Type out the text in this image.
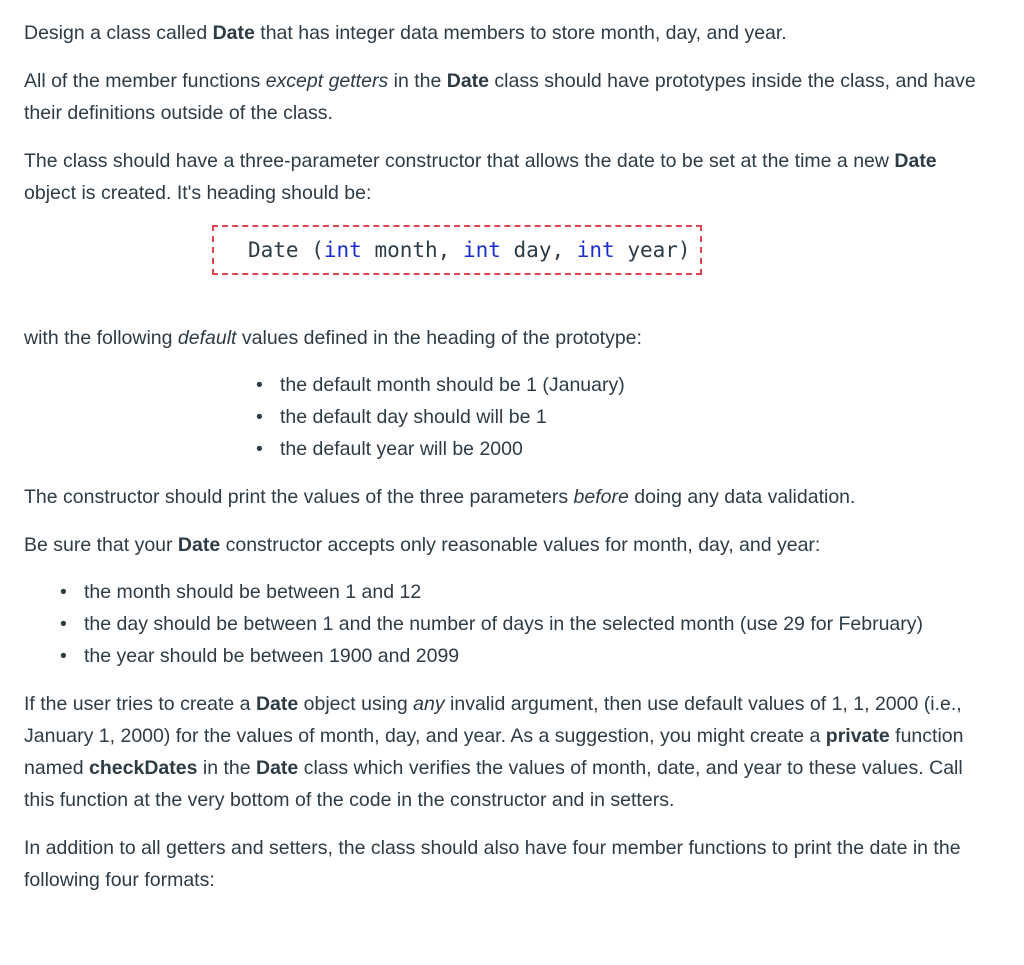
Design a class called Date that has integer data members to store month, day, and year.

All of the member functions except getters in the Date class should have prototypes inside the class, and have their definitions outside of the class.

The class should have a three-parameter constructor that allows the date to be set at the time a new Date object is created. It's heading should be:

Date (int month, int day, int year)

with the following default values defined in the heading of the prototype:

• the default month should be 1 (January)
• the default day should will be 1
• the default year will be 2000

The constructor should print the values of the three parameters before doing any data validation.

Be sure that your Date constructor accepts only reasonable values for month, day, and year:

• the month should be between 1 and 12
• the day should be between 1 and the number of days in the selected month (use 29 for February)
• the year should be between 1900 and 2099

If the user tries to create a Date object using any invalid argument, then use default values of 1, 1, 2000 (i.e., January 1, 2000) for the values of month, day, and year. As a suggestion, you might create a private function named checkDates in the Date class which verifies the values of month, date, and year to these values. Call this function at the very bottom of the code in the constructor and in setters.

In addition to all getters and setters, the class should also have four member functions to print the date in the following four formats:
